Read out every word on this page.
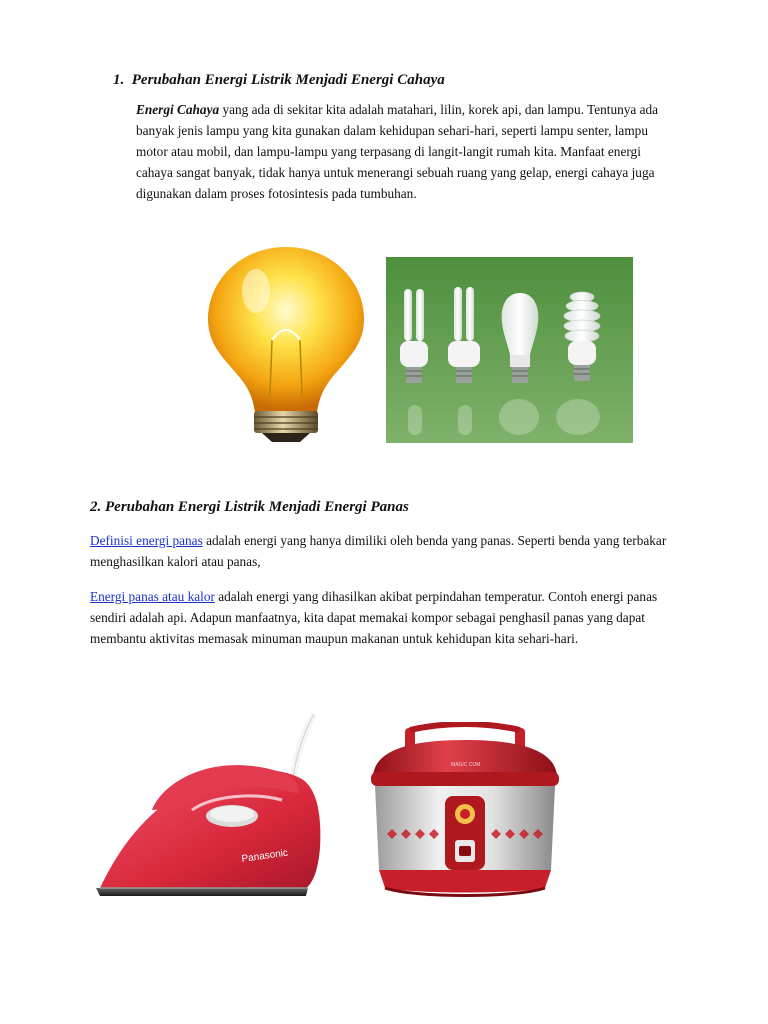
1. Perubahan Energi Listrik Menjadi Energi Cahaya

Energi Cahaya yang ada di sekitar kita adalah matahari, lilin, korek api, dan lampu. Tentunya ada banyak jenis lampu yang kita gunakan dalam kehidupan sehari-hari, seperti lampu senter, lampu motor atau mobil, dan lampu-lampu yang terpasang di langit-langit rumah kita. Manfaat energi cahaya sangat banyak, tidak hanya untuk menerangi sebuah ruang yang gelap, energi cahaya juga digunakan dalam proses fotosintesis pada tumbuhan.

2. Perubahan Energi Listrik Menjadi Energi Panas

Definisi energi panas adalah energi yang hanya dimiliki oleh benda yang panas. Seperti benda yang terbakar menghasilkan kalori atau panas,

Energi panas atau kalor adalah energi yang dihasilkan akibat perpindahan temperatur. Contoh energi panas sendiri adalah api. Adapun manfaatnya, kita dapat memakai kompor sebagai penghasil panas yang dapat membantu aktivitas memasak minuman maupun makanan untuk kehidupan kita sehari-hari.

Panasonic
MAGIC COM
